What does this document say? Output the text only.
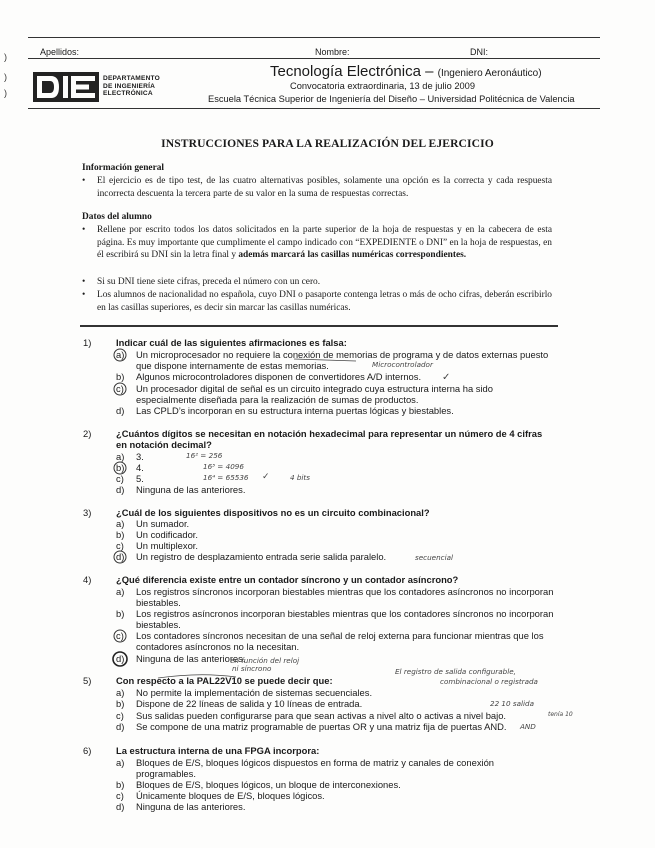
Apellidos:	Nombre:	DNI:
DEPARTAMENTO
DE INGENIERÍA
ELECTRÓNICA
Tecnología Electrónica – (Ingeniero Aeronáutico)
Convocatoria extraordinaria, 13 de julio 2009
Escuela Técnica Superior de Ingeniería del Diseño – Universidad Politécnica de Valencia
INSTRUCCIONES PARA LA REALIZACIÓN DEL EJERCICIO
Información general
• El ejercicio es de tipo test, de las cuatro alternativas posibles, solamente una opción es la correcta y cada respuesta incorrecta descuenta la tercera parte de su valor en la suma de respuestas correctas.
Datos del alumno
• Rellene por escrito todos los datos solicitados en la parte superior de la hoja de respuestas y en la cabecera de esta página. Es muy importante que cumplimente el campo indicado con “EXPEDIENTE o DNI” en la hoja de respuestas, en él escribirá su DNI sin la letra final y además marcará las casillas numéricas correspondientes.
• Si su DNI tiene siete cifras, preceda el número con un cero.
• Los alumnos de nacionalidad no española, cuyo DNI o pasaporte contenga letras o más de ocho cifras, deberán escribirlo en las casillas superiores, es decir sin marcar las casillas numéricas.
1)	Indicar cuál de las siguientes afirmaciones es falsa:
a) Un microprocesador no requiere la conexión de memorias de programa y de datos externas puesto que dispone internamente de estas memorias.
b) Algunos microcontroladores disponen de convertidores A/D internos.
c) Un procesador digital de señal es un circuito integrado cuya estructura interna ha sido especialmente diseñada para la realización de sumas de productos.
d) Las CPLD’s incorporan en su estructura interna puertas lógicas y biestables.
Microcontrolador
✓
2)	¿Cuántos dígitos se necesitan en notación hexadecimal para representar un número de 4 cifras en notación decimal?
a) 3.
b) 4.
c) 5.
d) Ninguna de las anteriores.
16² = 256
16³ = 4096
16⁴ = 65536 ✓	4 bits
3)	¿Cuál de los siguientes dispositivos no es un circuito combinacional?
a) Un sumador.
b) Un codificador.
c) Un multiplexor.
d) Un registro de desplazamiento entrada serie salida paralelo.	secuencial
4)	¿Qué diferencia existe entre un contador síncrono y un contador asíncrono?
a) Los registros síncronos incorporan biestables mientras que los contadores asíncronos no incorporan biestables.
b) Los registros asíncronos incorporan biestables mientras que los contadores síncronos no incorporan biestables.
c) Los contadores síncronos necesitan de una señal de reloj externa para funcionar mientras que los contadores asíncronos no la necesitan.
d) Ninguna de las anteriores.
en función del reloj
ni síncrono
5)	Con respecto a la PAL22V10 se puede decir que:
a) No permite la implementación de sistemas secuenciales.
b) Dispone de 22 líneas de salida y 10 líneas de entrada.
c) Sus salidas pueden configurarse para que sean activas a nivel alto o activas a nivel bajo.
d) Se compone de una matriz programable de puertas OR y una matriz fija de puertas AND.
El registro de salida configurable,
combinacional o registrada
22 10 salida
tenía 10
AND
6)	La estructura interna de una FPGA incorpora:
a) Bloques de E/S, bloques lógicos dispuestos en forma de matriz y canales de conexión programables.
b) Bloques de E/S, bloques lógicos, un bloque de interconexiones.
c) Únicamente bloques de E/S, bloques lógicos.
d) Ninguna de las anteriores.
)
)
)
